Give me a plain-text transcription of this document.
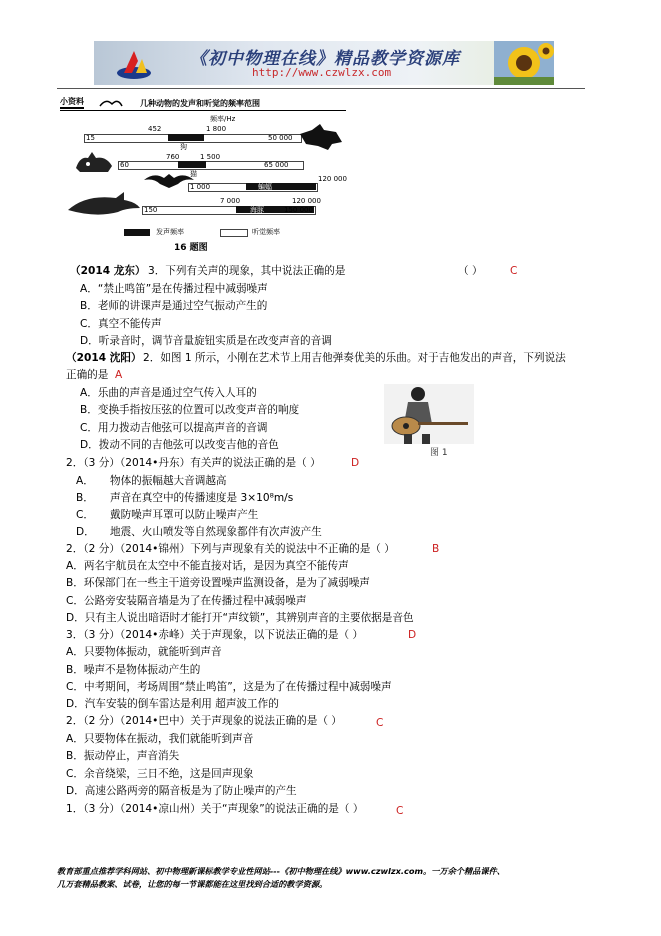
《初中物理在线》精品教学资源库
http://www.czwlzx.com
小资料	几种动物的发声和听觉的频率范围
频率/Hz
452	1 800
15	50 000
狗
760	1 500
60	65 000
猫
1 000
120 000
蝙蝠
7 000	120 000
150	150 000
海豚
发声频率	听觉频率
16 题图
（2014 龙东） 3．下列有关声的现象，其中说法正确的是	（ ）	C
A．“禁止鸣笛”是在传播过程中减弱噪声
B．老师的讲课声是通过空气振动产生的
C．真空不能传声
D．听录音时，调节音量旋钮实质是在改变声音的音调
（2014 沈阳） 2．如图 1 所示，小刚在艺术节上用吉他弹奏优美的乐曲。对于吉他发出的声音，下列说法
正确的是 A
A．乐曲的声音是通过空气传入人耳的
B．变换手指按压弦的位置可以改变声音的响度
C．用力拨动吉他弦可以提高声音的音调
D．拨动不同的吉他弦可以改变吉他的音色
图 1
2．（3 分）（2014•丹东）有关声的说法正确的是（ ）	D
A． 物体的振幅越大音调越高
B． 声音在真空中的传播速度是 3×10⁸m/s
C． 戴防噪声耳罩可以防止噪声产生
D． 地震、火山喷发等自然现象都伴有次声波产生
2．（2 分）（2014•锦州）下列与声现象有关的说法中不正确的是（ ）	B
A．两名宇航员在太空中不能直接对话，是因为真空不能传声
B．环保部门在一些主干道旁设置噪声监测设备，是为了减弱噪声
C．公路旁安装隔音墙是为了在传播过程中减弱噪声
D．只有主人说出暗语时才能打开“声纹锁”，其辨别声音的主要依据是音色
3．（3 分）（2014•赤峰）关于声现象，以下说法正确的是（ ）	D
A．只要物体振动，就能听到声音
B．噪声不是物体振动产生的
C．中考期间，考场周围“禁止鸣笛”，这是为了在传播过程中减弱噪声
D．汽车安装的倒车雷达是利用 超声波工作的
2．（2 分）（2014•巴中）关于声现象的说法正确的是（ ）	C
A．只要物体在振动，我们就能听到声音
B．振动停止，声音消失
C．余音绕梁，三日不绝，这是回声现象
D．高速公路两旁的隔音板是为了防止噪声的产生
1．（3 分）（2014•凉山州）关于“声现象”的说法正确的是（ ）	C
教育部重点推荐学科网站、初中物理新课标教学专业性网站---《初中物理在线》www.czwlzx.com。一万余个精品课件、
几万套精品教案、试卷，让您的每一节课都能在这里找到合适的教学资源。
